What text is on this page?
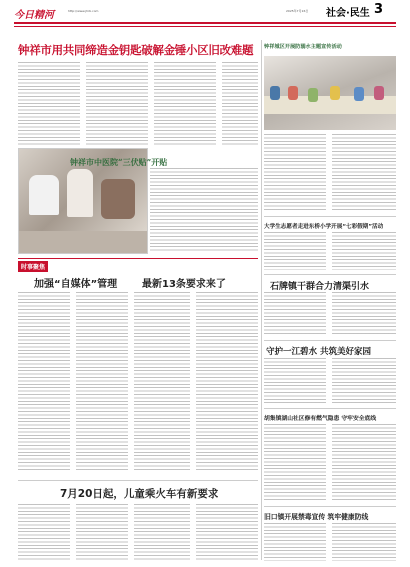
今日精河	http://www.jhrb.com	2025年7月16日 社会·民生 3
钟祥市用共同缔造金钥匙破解金锤小区旧改难题
钟祥市中医院“三伏贴”开贴
钟祥城区开展防溺水主题宣传活动
大学生志愿者走进东桥小学开展“七彩假期”活动
石牌镇干群合力清渠引水
守护一江碧水 共筑美好家园
胡集镇湖山社区修有燃气隐患 守牢安全底线
旧口镇开展禁毒宣传 筑牢健康防线
时事聚焦
加强“自媒体”管理 最新13条要求来了
7月20日起，儿童乘火车有新要求
